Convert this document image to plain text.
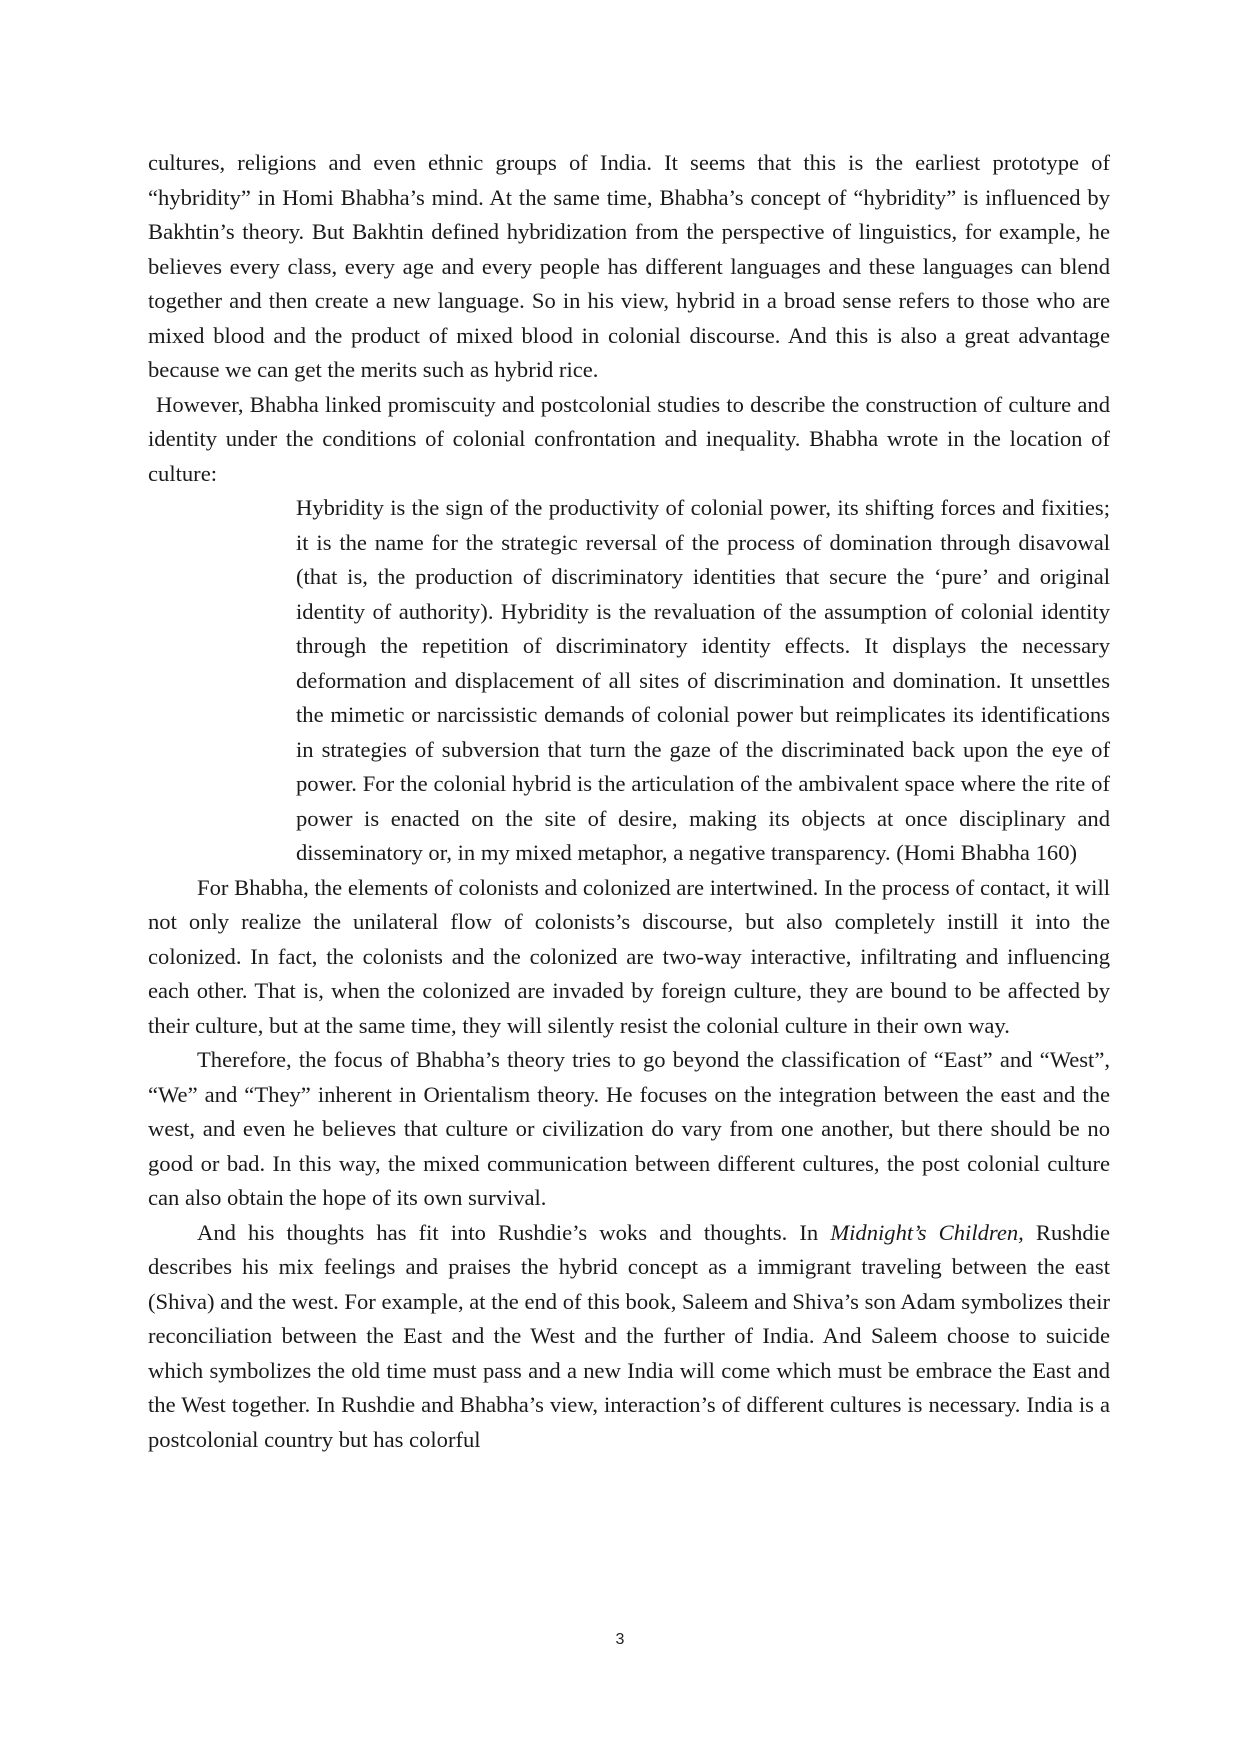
cultures, religions and even ethnic groups of India. It seems that this is the earliest prototype of “hybridity” in Homi Bhabha’s mind. At the same time, Bhabha’s concept of “hybridity” is influenced by Bakhtin’s theory. But Bakhtin defined hybridization from the perspective of linguistics, for example, he believes every class, every age and every people has different languages and these languages can blend together and then create a new language. So in his view, hybrid in a broad sense refers to those who are mixed blood and the product of mixed blood in colonial discourse. And this is also a great advantage because we can get the merits such as hybrid rice.

However, Bhabha linked promiscuity and postcolonial studies to describe the construction of culture and identity under the conditions of colonial confrontation and inequality. Bhabha wrote in the location of culture:

Hybridity is the sign of the productivity of colonial power, its shifting forces and fixities; it is the name for the strategic reversal of the process of domination through disavowal (that is, the production of discriminatory identities that secure the ‘pure’ and original identity of authority). Hybridity is the revaluation of the assumption of colonial identity through the repetition of discriminatory identity effects. It displays the necessary deformation and displacement of all sites of discrimination and domination. It unsettles the mimetic or narcissistic demands of colonial power but reimplicates its identifications in strategies of subversion that turn the gaze of the discriminated back upon the eye of power. For the colonial hybrid is the articulation of the ambivalent space where the rite of power is enacted on the site of desire, making its objects at once disciplinary and disseminatory or, in my mixed metaphor, a negative transparency. (Homi Bhabha 160)

For Bhabha, the elements of colonists and colonized are intertwined. In the process of contact, it will not only realize the unilateral flow of colonists’s discourse, but also completely instill it into the colonized. In fact, the colonists and the colonized are two-way interactive, infiltrating and influencing each other. That is, when the colonized are invaded by foreign culture, they are bound to be affected by their culture, but at the same time, they will silently resist the colonial culture in their own way.

Therefore, the focus of Bhabha’s theory tries to go beyond the classification of “East” and “West”, “We” and “They” inherent in Orientalism theory. He focuses on the integration between the east and the west, and even he believes that culture or civilization do vary from one another, but there should be no good or bad. In this way, the mixed communication between different cultures, the post colonial culture can also obtain the hope of its own survival.

And his thoughts has fit into Rushdie’s woks and thoughts. In Midnight’s Children, Rushdie describes his mix feelings and praises the hybrid concept as a immigrant traveling between the east (Shiva) and the west. For example, at the end of this book, Saleem and Shiva’s son Adam symbolizes their reconciliation between the East and the West and the further of India. And Saleem choose to suicide which symbolizes the old time must pass and a new India will come which must be embrace the East and the West together. In Rushdie and Bhabha’s view, interaction’s of different cultures is necessary. India is a postcolonial country but has colorful

3
